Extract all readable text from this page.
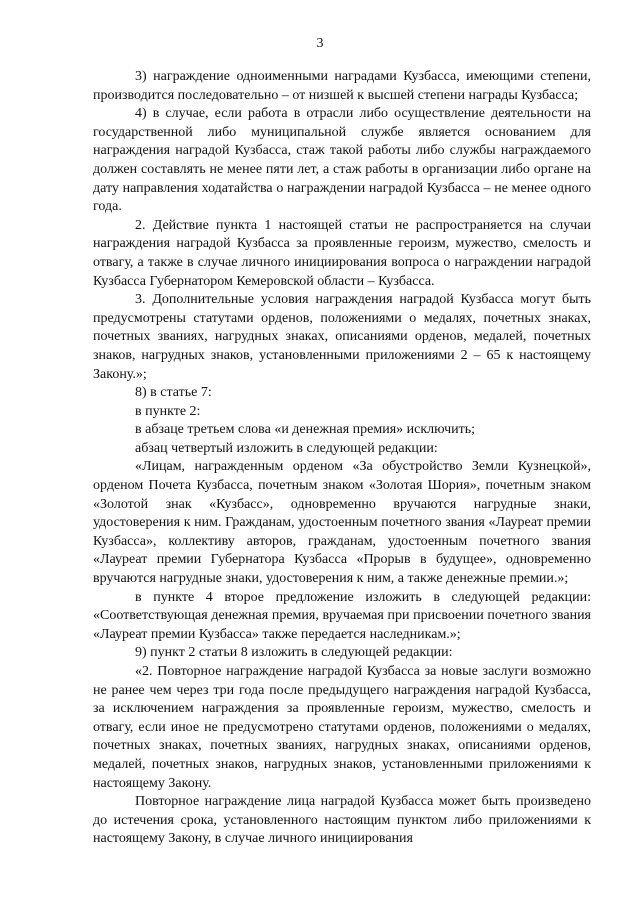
3

3) награждение одноименными наградами Кузбасса, имеющими степени, производится последовательно – от низшей к высшей степени награды Кузбасса;

4) в случае, если работа в отрасли либо осуществление деятельности на государственной либо муниципальной службе является основанием для награждения наградой Кузбасса, стаж такой работы либо службы награждаемого должен составлять не менее пяти лет, а стаж работы в организации либо органе на дату направления ходатайства о награждении наградой Кузбасса – не менее одного года.

2. Действие пункта 1 настоящей статьи не распространяется на случаи награждения наградой Кузбасса за проявленные героизм, мужество, смелость и отвагу, а также в случае личного инициирования вопроса о награждении наградой Кузбасса Губернатором Кемеровской области – Кузбасса.

3. Дополнительные условия награждения наградой Кузбасса могут быть предусмотрены статутами орденов, положениями о медалях, почетных знаках, почетных званиях, нагрудных знаках, описаниями орденов, медалей, почетных знаков, нагрудных знаков, установленными приложениями 2 – 65 к настоящему Закону.»;

8) в статье 7:

в пункте 2:

в абзаце третьем слова «и денежная премия» исключить;

абзац четвертый изложить в следующей редакции:

«Лицам, награжденным орденом «За обустройство Земли Кузнецкой», орденом Почета Кузбасса, почетным знаком «Золотая Шория», почетным знаком «Золотой знак «Кузбасс», одновременно вручаются нагрудные знаки, удостоверения к ним. Гражданам, удостоенным почетного звания «Лауреат премии Кузбасса», коллективу авторов, гражданам, удостоенным почетного звания «Лауреат премии Губернатора Кузбасса «Прорыв в будущее», одновременно вручаются нагрудные знаки, удостоверения к ним, а также денежные премии.»;

в пункте 4 второе предложение изложить в следующей редакции: «Соответствующая денежная премия, вручаемая при присвоении почетного звания «Лауреат премии Кузбасса» также передается наследникам.»;

9) пункт 2 статьи 8 изложить в следующей редакции:

«2. Повторное награждение наградой Кузбасса за новые заслуги возможно не ранее чем через три года после предыдущего награждения наградой Кузбасса, за исключением награждения за проявленные героизм, мужество, смелость и отвагу, если иное не предусмотрено статутами орденов, положениями о медалях, почетных знаках, почетных званиях, нагрудных знаках, описаниями орденов, медалей, почетных знаков, нагрудных знаков, установленными приложениями к настоящему Закону.

Повторное награждение лица наградой Кузбасса может быть произведено до истечения срока, установленного настоящим пунктом либо приложениями к настоящему Закону, в случае личного инициирования
